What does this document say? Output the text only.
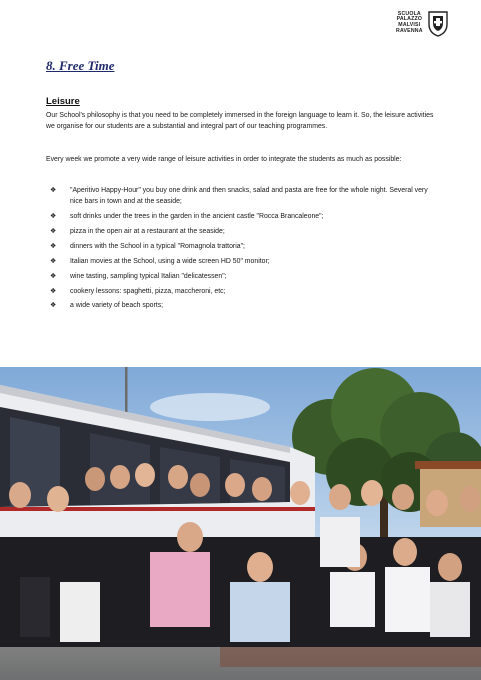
SCUOLA
PALAZZO
MALVISI
RAVENNA
8. Free Time
Leisure

Our School's philosophy is that you need to be completely immersed in the foreign language to learn it. So, the leisure activities we organise for our students are a substantial and integral part of our teaching programmes.

Every week we promote a very wide range of leisure activities in order to integrate the students as much as possible:

❖ "Aperitivo Happy-Hour" you buy one drink and then snacks, salad and pasta are free for the whole night. Several very nice bars in town and at the seaside;
❖ soft drinks under the trees in the garden in the ancient castle "Rocca Brancaleone";
❖ pizza in the open air at a restaurant at the seaside;
❖ dinners with the School in a typical "Romagnola trattoria";
❖ Italian movies at the School, using a wide screen HD 50" monitor;
❖ wine tasting, sampling typical Italian "delicatessen";
❖ cookery lessons: spaghetti, pizza, maccheroni, etc;
❖ a wide variety of beach sports;
